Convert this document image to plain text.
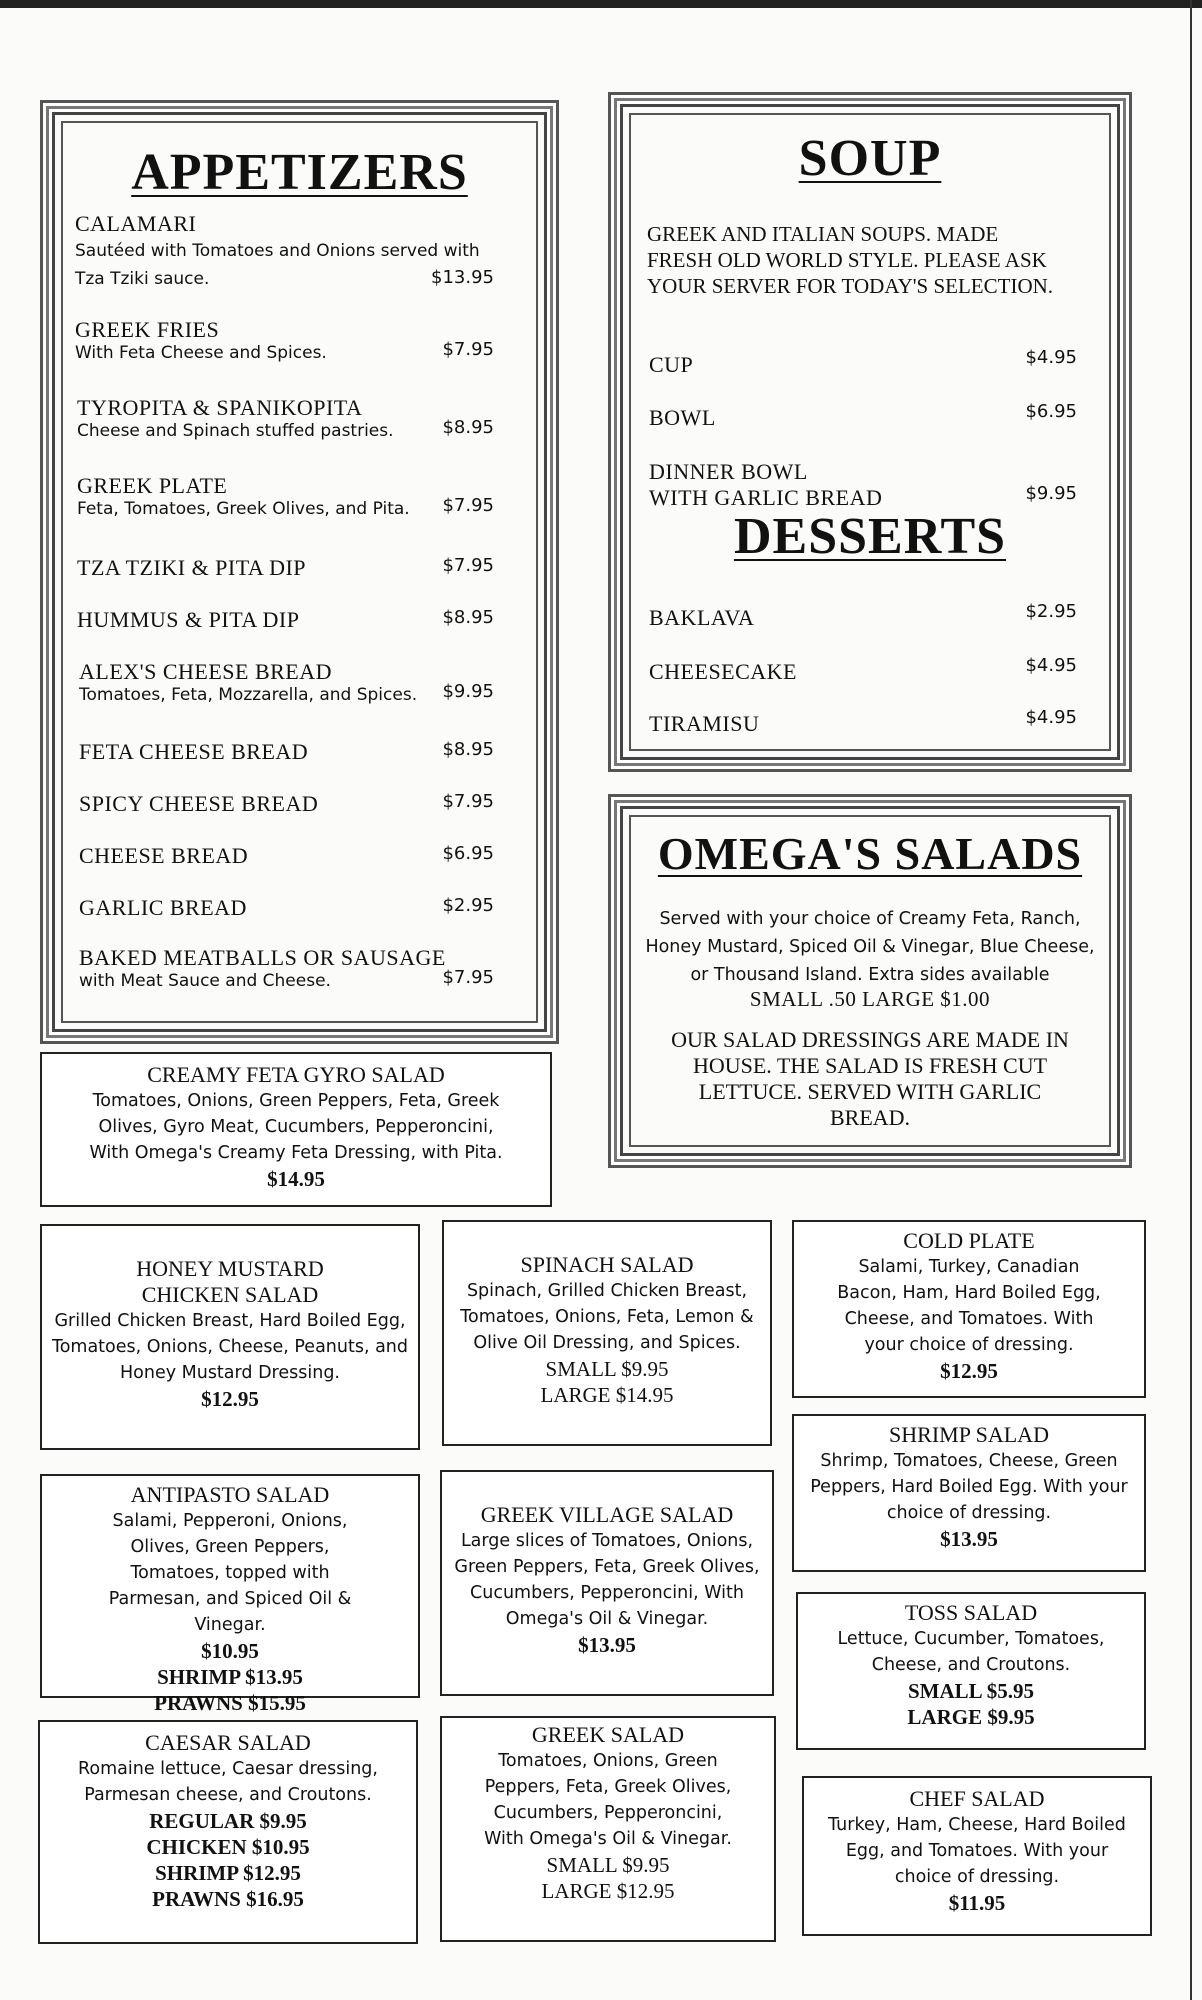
APPETIZERS
CALAMARI
Sautéed with Tomatoes and Onions served with Tza Tziki sauce.	$13.95
GREEK FRIES
With Feta Cheese and Spices.	$7.95
TYROPITA & SPANIKOPITA
Cheese and Spinach stuffed pastries.	$8.95
GREEK PLATE
Feta, Tomatoes, Greek Olives, and Pita.	$7.95
TZA TZIKI & PITA DIP	$7.95
HUMMUS & PITA DIP	$8.95
ALEX'S CHEESE BREAD
Tomatoes, Feta, Mozzarella, and Spices.	$9.95
FETA CHEESE BREAD	$8.95
SPICY CHEESE BREAD	$7.95
CHEESE BREAD	$6.95
GARLIC BREAD	$2.95
BAKED MEATBALLS OR SAUSAGE
with Meat Sauce and Cheese.	$7.95
SOUP
GREEK AND ITALIAN SOUPS. MADE FRESH OLD WORLD STYLE. PLEASE ASK YOUR SERVER FOR TODAY'S SELECTION.
CUP	$4.95
BOWL	$6.95
DINNER BOWL
WITH GARLIC BREAD	$9.95
DESSERTS
BAKLAVA	$2.95
CHEESECAKE	$4.95
TIRAMISU	$4.95
OMEGA'S SALADS
Served with your choice of Creamy Feta, Ranch, Honey Mustard, Spiced Oil & Vinegar, Blue Cheese, or Thousand Island. Extra sides available
SMALL .50 LARGE $1.00
OUR SALAD DRESSINGS ARE MADE IN HOUSE. THE SALAD IS FRESH CUT LETTUCE. SERVED WITH GARLIC BREAD.
CREAMY FETA GYRO SALAD
Tomatoes, Onions, Green Peppers, Feta, Greek Olives, Gyro Meat, Cucumbers, Pepperoncini, With Omega's Creamy Feta Dressing, with Pita.
$14.95
HONEY MUSTARD CHICKEN SALAD
Grilled Chicken Breast, Hard Boiled Egg, Tomatoes, Onions, Cheese, Peanuts, and Honey Mustard Dressing.
$12.95
SPINACH SALAD
Spinach, Grilled Chicken Breast, Tomatoes, Onions, Feta, Lemon & Olive Oil Dressing, and Spices.
SMALL $9.95
LARGE $14.95
COLD PLATE
Salami, Turkey, Canadian Bacon, Ham, Hard Boiled Egg, Cheese, and Tomatoes. With your choice of dressing.
$12.95
SHRIMP SALAD
Shrimp, Tomatoes, Cheese, Green Peppers, Hard Boiled Egg. With your choice of dressing.
$13.95
ANTIPASTO SALAD
Salami, Pepperoni, Onions, Olives, Green Peppers, Tomatoes, topped with Parmesan, and Spiced Oil & Vinegar.
$10.95
SHRIMP $13.95
PRAWNS $15.95
GREEK VILLAGE SALAD
Large slices of Tomatoes, Onions, Green Peppers, Feta, Greek Olives, Cucumbers, Pepperoncini, With Omega's Oil & Vinegar.
$13.95
TOSS SALAD
Lettuce, Cucumber, Tomatoes, Cheese, and Croutons.
SMALL $5.95
LARGE $9.95
CAESAR SALAD
Romaine lettuce, Caesar dressing, Parmesan cheese, and Croutons.
REGULAR $9.95
CHICKEN $10.95
SHRIMP $12.95
PRAWNS $16.95
GREEK SALAD
Tomatoes, Onions, Green Peppers, Feta, Greek Olives, Cucumbers, Pepperoncini, With Omega's Oil & Vinegar.
SMALL $9.95
LARGE $12.95
CHEF SALAD
Turkey, Ham, Cheese, Hard Boiled Egg, and Tomatoes. With your choice of dressing.
$11.95
